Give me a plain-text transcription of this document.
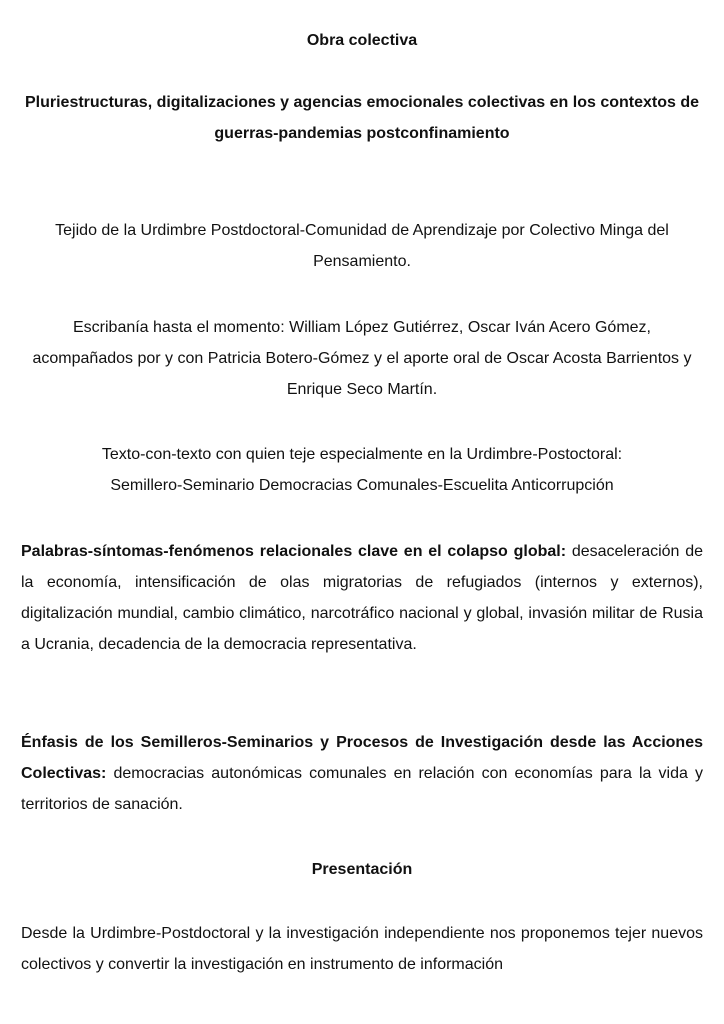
Obra colectiva

Pluriestructuras, digitalizaciones y agencias emocionales colectivas en los contextos de guerras-pandemias postconfinamiento

Tejido de la Urdimbre Postdoctoral-Comunidad de Aprendizaje por Colectivo Minga del Pensamiento.

Escribanía hasta el momento: William López Gutiérrez, Oscar Iván Acero Gómez, acompañados por y con Patricia Botero-Gómez y el aporte oral de Oscar Acosta Barrientos y Enrique Seco Martín.

Texto-con-texto con quien teje especialmente en la Urdimbre-Postoctoral:
Semillero-Seminario Democracias Comunales-Escuelita Anticorrupción

Palabras-síntomas-fenómenos relacionales clave en el colapso global: desaceleración de la economía, intensificación de olas migratorias de refugiados (internos y externos), digitalización mundial, cambio climático, narcotráfico nacional y global, invasión militar de Rusia a Ucrania, decadencia de la democracia representativa.

Énfasis de los Semilleros-Seminarios y Procesos de Investigación desde las Acciones Colectivas: democracias autonómicas comunales en relación con economías para la vida y territorios de sanación.

Presentación

Desde la Urdimbre-Postdoctoral y la investigación independiente nos proponemos tejer nuevos colectivos y convertir la investigación en instrumento de información
